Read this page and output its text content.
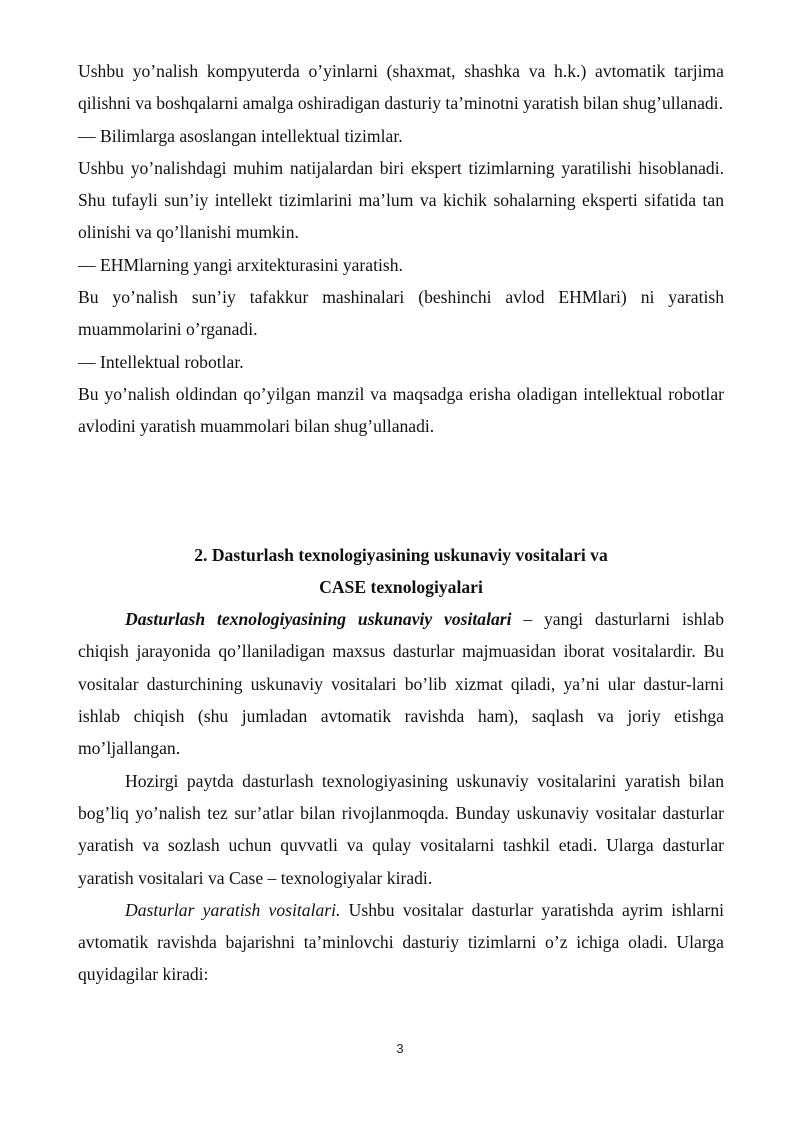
Ushbu yo’nalish kompyuterda o’yinlarni (shaxmat, shashka va h.k.) avtomatik tarjima qilishni va boshqalarni amalga oshiradigan dasturiy ta’minotni yaratish bilan shug’ullanadi.

— Bilimlarga asoslangan intellektual tizimlar.

Ushbu yo’nalishdagi muhim natijalardan biri ekspert tizimlarning yaratilishi hisoblanadi. Shu tufayli sun’iy intellekt tizimlarini ma’lum va kichik sohalarning eksperti sifatida tan olinishi va qo’llanishi mumkin.

— EHMlarning yangi arxitekturasini yaratish.

Bu yo’nalish sun’iy tafakkur mashinalari (beshinchi avlod EHMlari) ni yaratish muammolarini o’rganadi.

— Intellektual robotlar.

Bu yo’nalish oldindan qo’yilgan manzil va maqsadga erisha oladigan intellektual robotlar avlodini yaratish muammolari bilan shug’ullanadi.

2. Dasturlash texnologiyasining uskunaviy vositalari va

CASE texnologiyalari

Dasturlash texnologiyasining uskunaviy vositalari – yangi dasturlarni ishlab chiqish jarayonida qo’llaniladigan maxsus dasturlar majmuasidan iborat vositalardir. Bu vositalar dasturchining uskunaviy vositalari bo’lib xizmat qiladi, ya’ni ular dastur-larni ishlab chiqish (shu jumladan avtomatik ravishda ham), saqlash va joriy etishga mo’ljallangan.

Hozirgi paytda dasturlash texnologiyasining uskunaviy vositalarini yaratish bilan bog’liq yo’nalish tez sur’atlar bilan rivojlanmoqda. Bunday uskunaviy vositalar dasturlar yaratish va sozlash uchun quvvatli va qulay vositalarni tashkil etadi. Ularga dasturlar yaratish vositalari va Case – texnologiyalar kiradi.

Dasturlar yaratish vositalari. Ushbu vositalar dasturlar yaratishda ayrim ishlarni avtomatik ravishda bajarishni ta’minlovchi dasturiy tizimlarni o’z ichiga oladi. Ularga quyidagilar kiradi:

3
